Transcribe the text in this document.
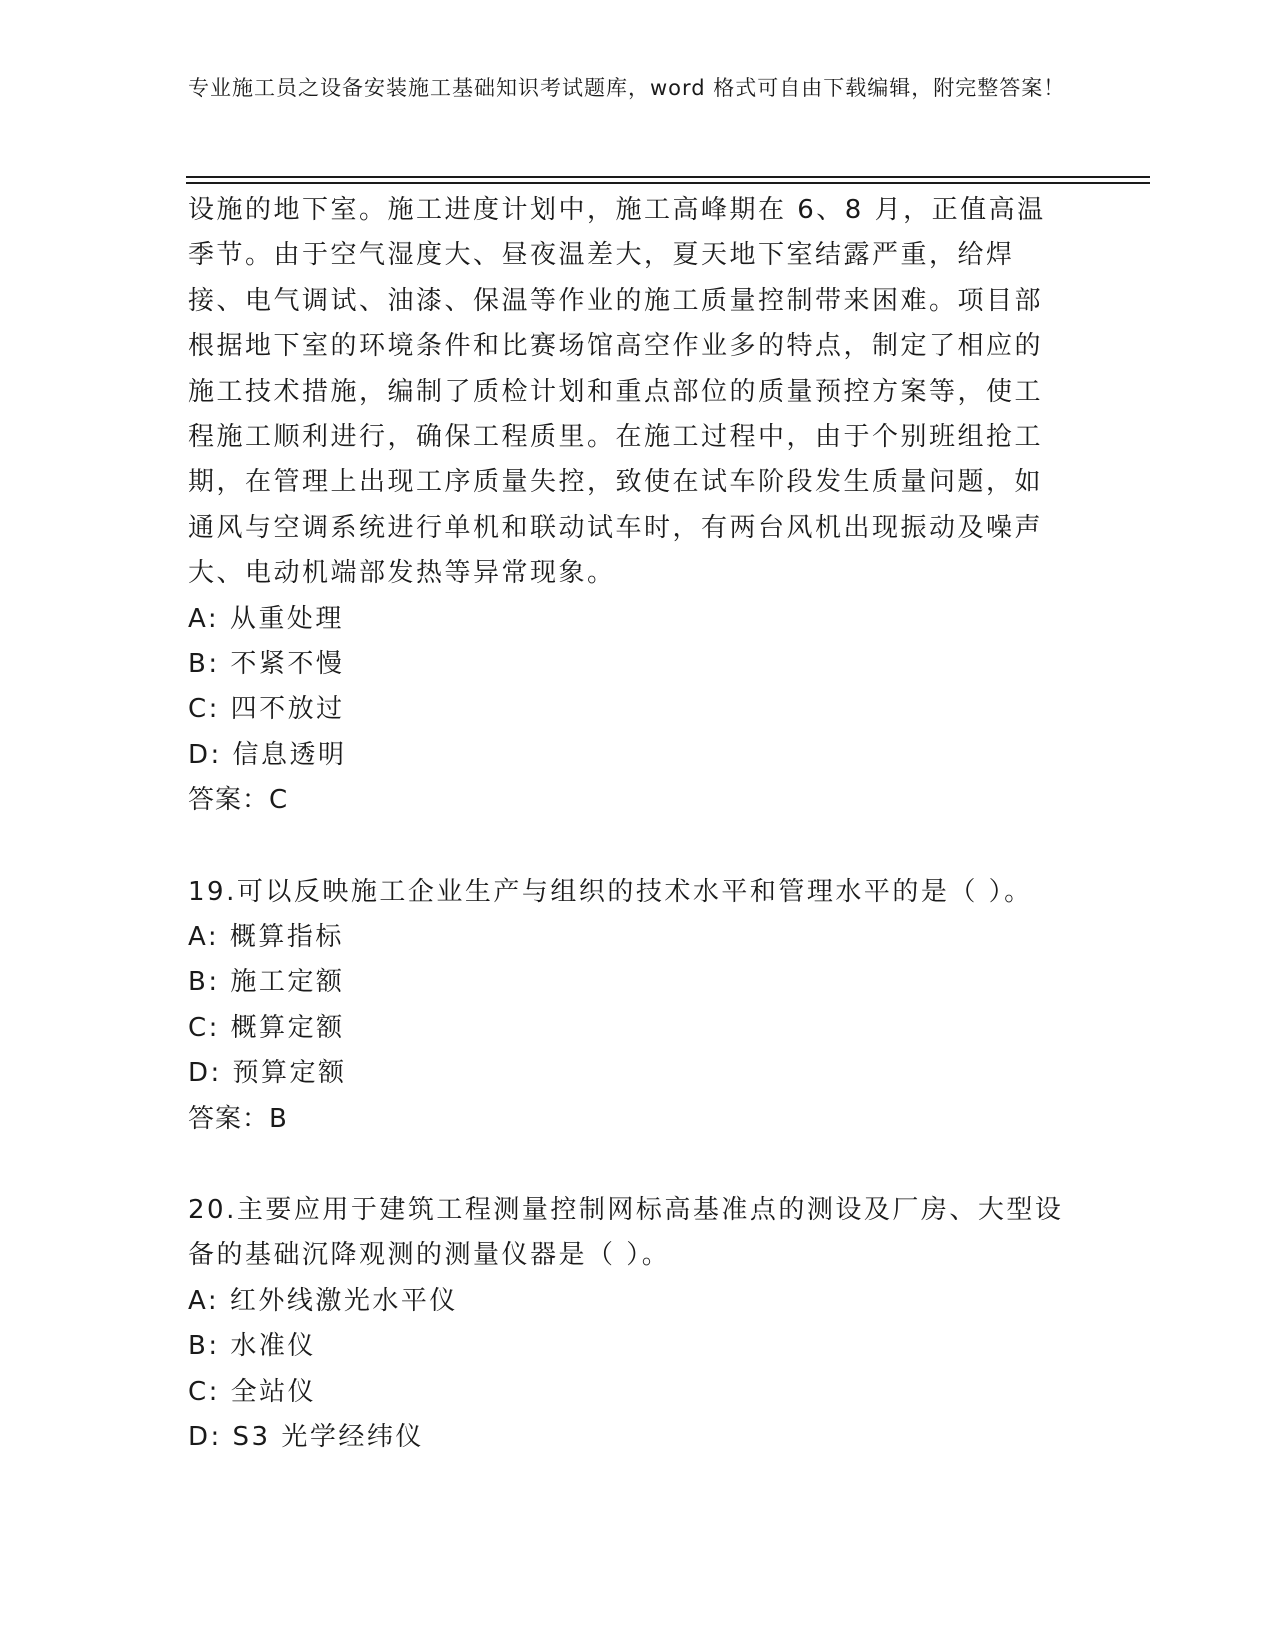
专业施工员之设备安装施工基础知识考试题库，word 格式可自由下载编辑，附完整答案！
设施的地下室。施工进度计划中，施工高峰期在 6、8 月，正值高温季节。由于空气湿度大、昼夜温差大，夏天地下室结露严重，给焊接、电气调试、油漆、保温等作业的施工质量控制带来困难。项目部根据地下室的环境条件和比赛场馆高空作业多的特点，制定了相应的施工技术措施，编制了质检计划和重点部位的质量预控方案等，使工程施工顺利进行，确保工程质里。在施工过程中，由于个别班组抢工期，在管理上出现工序质量失控，致使在试车阶段发生质量问题，如通风与空调系统进行单机和联动试车时，有两台风机出现振动及噪声大、电动机端部发热等异常现象。
A: 从重处理
B: 不紧不慢
C: 四不放过
D: 信息透明
答案：C
19.可以反映施工企业生产与组织的技术水平和管理水平的是（ ）。
A: 概算指标
B: 施工定额
C: 概算定额
D: 预算定额
答案：B
20.主要应用于建筑工程测量控制网标高基准点的测设及厂房、大型设备的基础沉降观测的测量仪器是（ ）。
A: 红外线激光水平仪
B: 水准仪
C: 全站仪
D: S3 光学经纬仪
